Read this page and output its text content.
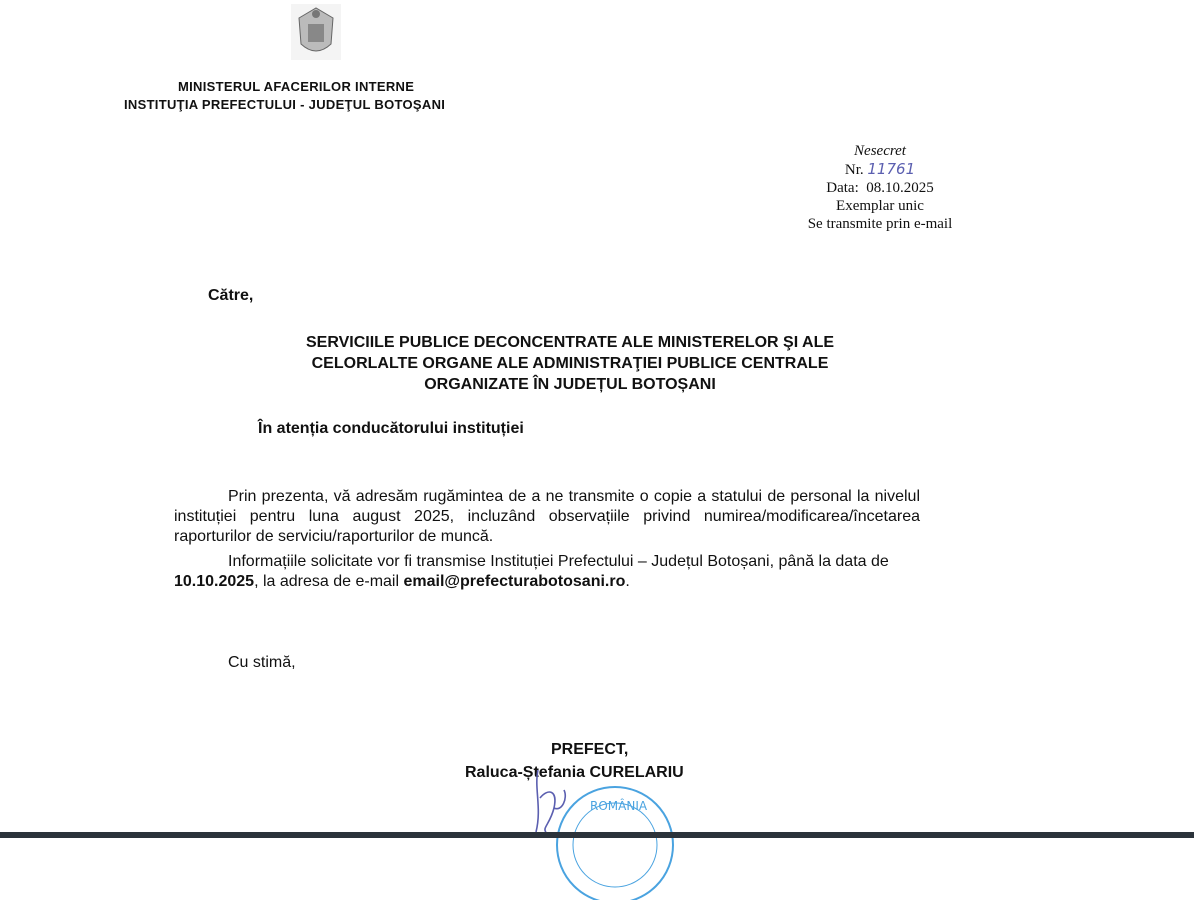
MINISTERUL AFACERILOR INTERNE
INSTITUŢIA PREFECTULUI - JUDEŢUL BOTOŞANI
Nesecret
Nr. 11761
Data: 08.10.2025
Exemplar unic
Se transmite prin e-mail
Către,
SERVICIILE PUBLICE DECONCENTRATE ALE MINISTERELOR ŞI ALE
CELORLALTE ORGANE ALE ADMINISTRAŢIEI PUBLICE CENTRALE
ORGANIZATE ÎN JUDEȚUL BOTOȘANI
În atenția conducătorului instituției
Prin prezenta, vă adresăm rugămintea de a ne transmite o copie a statului de personal la nivelul instituției pentru luna august 2025, incluzând observațiile privind numirea/modificarea/încetarea raporturilor de serviciu/raporturilor de muncă.
Informațiile solicitate vor fi transmise Instituției Prefectului – Județul Botoșani, până la data de 10.10.2025, la adresa de e-mail email@prefecturabotosani.ro.
Cu stimă,
PREFECT,
Raluca-Ștefania CURELARIU
ROMÂNIA
